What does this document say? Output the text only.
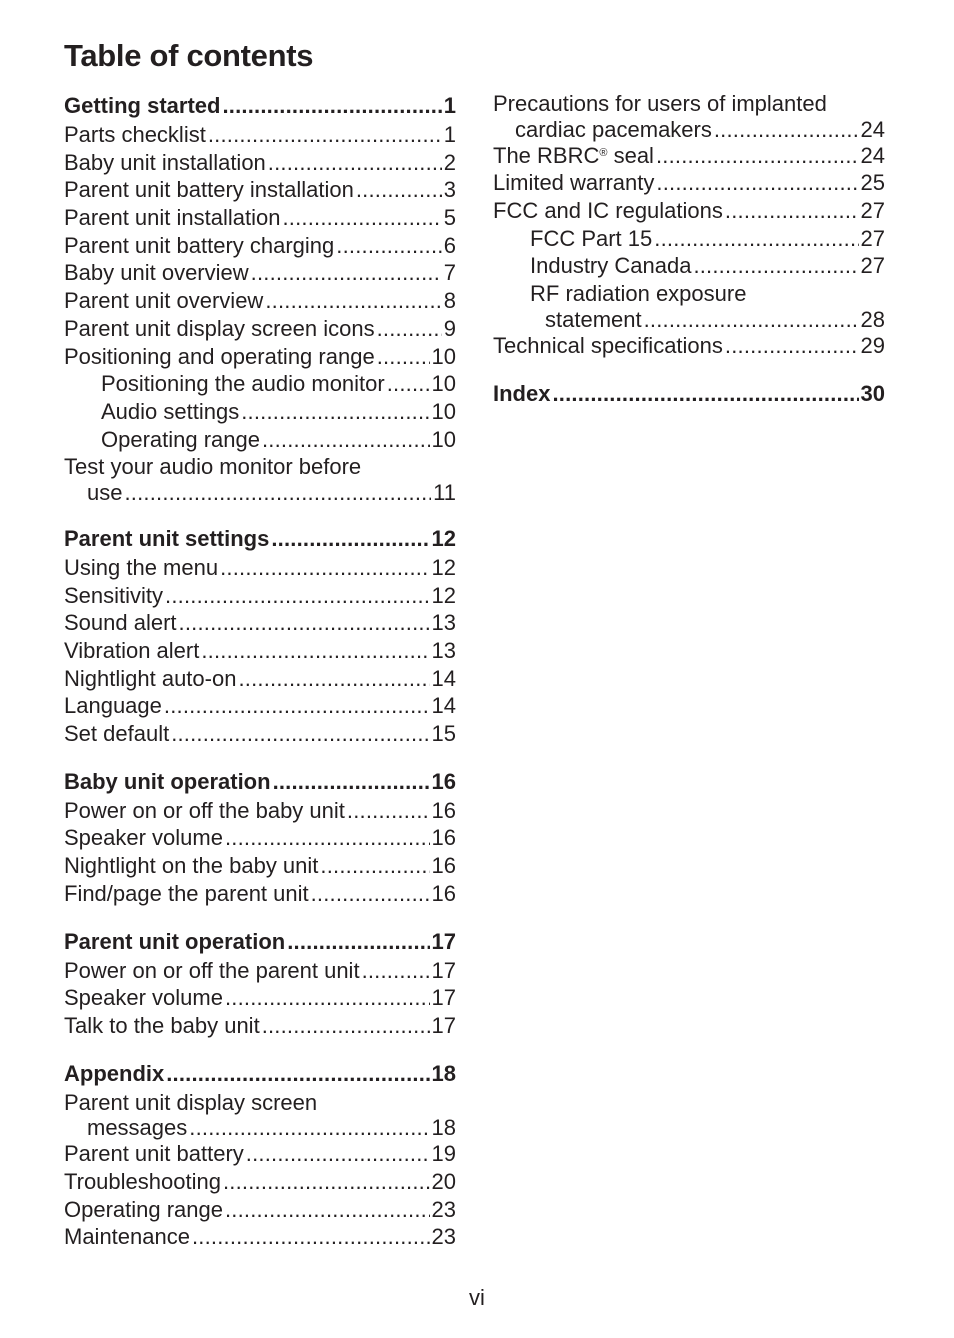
Table of contents
Getting started .....	1
Parts checklist .....	1
Baby unit installation .....	2
Parent unit battery installation .....	3
Parent unit installation .....	5
Parent unit battery charging .....	6
Baby unit overview .....	7
Parent unit overview .....	8
Parent unit display screen icons .....	9
Positioning and operating range .....	10
Positioning the audio monitor ..... 10
Audio settings .....	10
Operating range .....	10
Test your audio monitor before
use .....	11
Parent unit settings .....	12
Using the menu .....	12
Sensitivity .....	12
Sound alert .....	13
Vibration alert .....	13
Nightlight auto-on .....	14
Language .....	14
Set default .....	15
Baby unit operation .....	16
Power on or off the baby unit .....	16
Speaker volume .....	16
Nightlight on the baby unit .....	16
Find/page the parent unit .....	16
Parent unit operation .....	17
Power on or off the parent unit .....	17
Speaker volume .....	17
Talk to the baby unit .....	17
Appendix .....	18
Parent unit display screen
messages .....	18
Parent unit battery .....	19
Troubleshooting .....	20
Operating range .....	23
Maintenance .....	23
Precautions for users of implanted
cardiac pacemakers .....	24
The RBRC® seal .....	24
Limited warranty .....	25
FCC and IC regulations .....	27
FCC Part 15 .....	27
Industry Canada .....	27
RF radiation exposure
statement .....	28
Technical specifications .....	29
Index .....	30
vi
